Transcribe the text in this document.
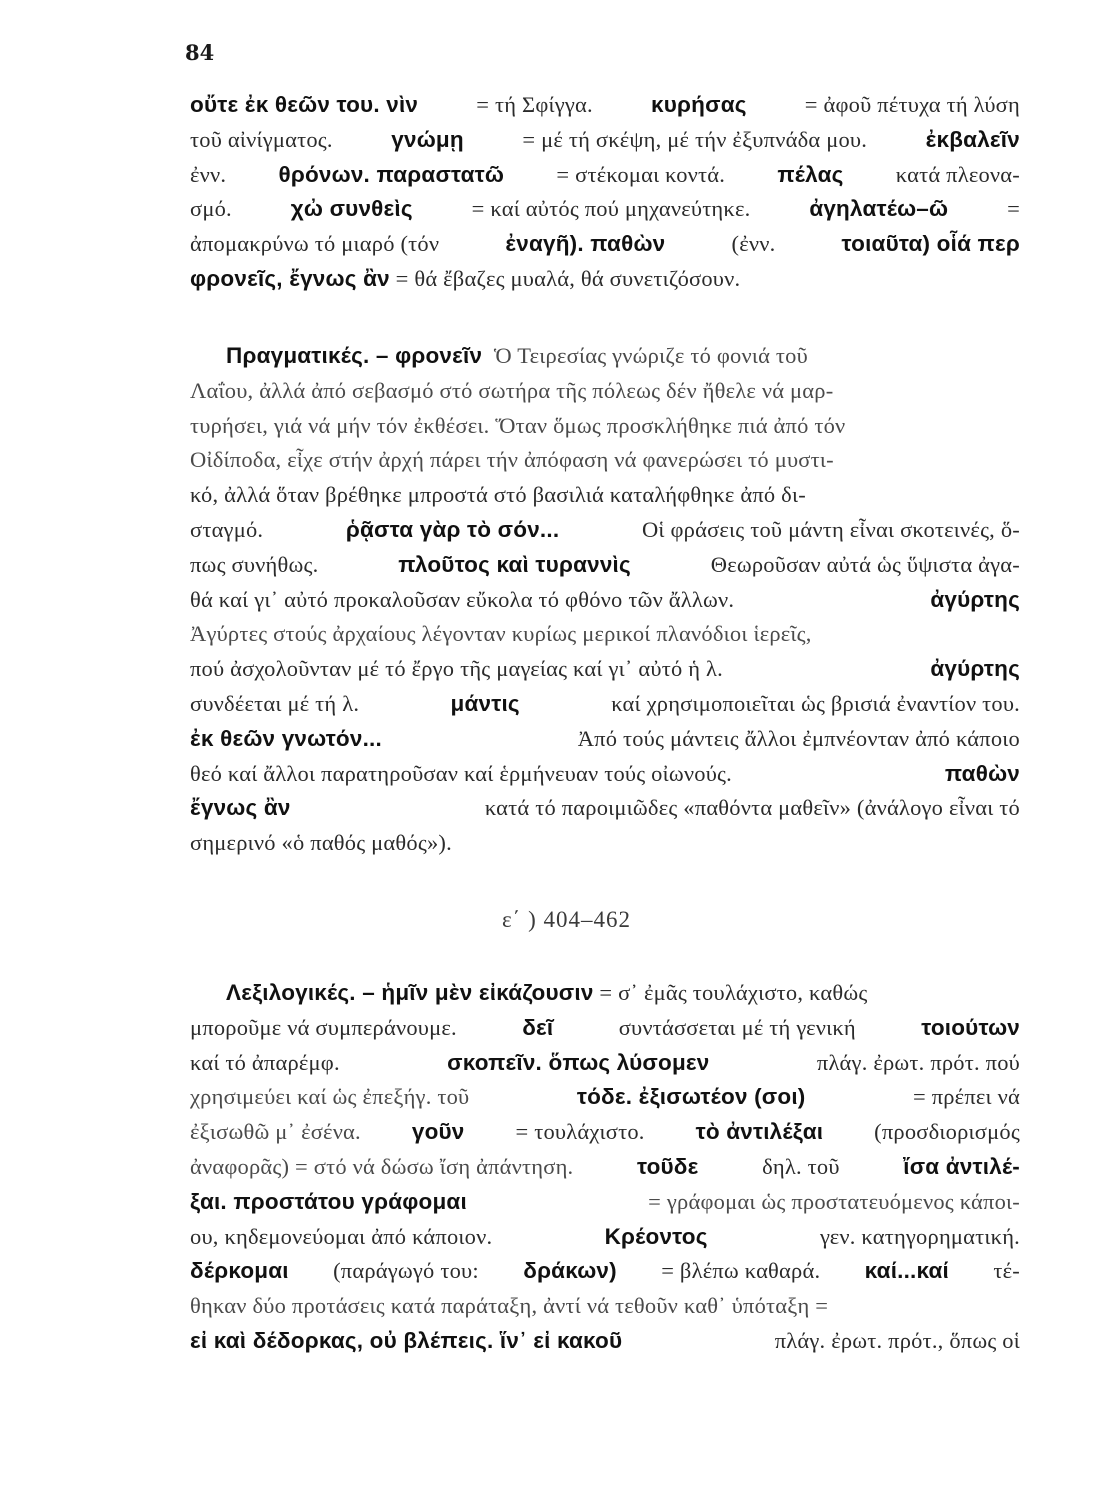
84
οὔτε ἐκ θεῶν του. νὶν	= τή Σφίγγα.	κυρήσας	= ἀφοῦ πέτυχα τή λύση
τοῦ αἰνίγματος.	γνώμῃ	= μέ τή σκέψη, μέ τήν ἐξυπνάδα μου.	ἐκβαλεῖν
ἐνν. θρόνων. παραστατῶ = στέκομαι κοντά. πέλας κατά πλεονα-
σμό.	χὠ συνθεὶς	= καί αὐτός πού μηχανεύτηκε.	ἀγηλατέω–ῶ	=
ἀπομακρύνω τό μιαρό (τόν	ἐναγῆ). παθὼν	(ἐνν.	τοιαῦτα) οἷά περ
φρονεῖς, ἔγνως ἂν
= θά ἔβαζες μυαλά, θά συνετιζόσουν.
Πραγματικές. – φρονεῖν
Ὁ Τειρεσίας γνώριζε τό φονιά τοῦ
Λαΐου, ἀλλά ἀπό σεβασμό στό σωτήρα τῆς πόλεως δέν ἤθελε νά μαρ-
τυρήσει, γιά νά μήν τόν ἐκθέσει. Ὅταν ὅμως προσκλήθηκε πιά ἀπό τόν
Οἰδίποδα, εἶχε στήν ἀρχή πάρει τήν ἀπόφαση νά φανερώσει τό μυστι-
κό, ἀλλά ὅταν βρέθηκε μπροστά στό βασιλιά καταλήφθηκε ἀπό δι-
σταγμό.	ῥᾷστα γὰρ τὸ σόν...	Οἱ φράσεις τοῦ μάντη εἶναι σκοτεινές, ὅ-
πως συνήθως.	πλοῦτος καὶ τυραννὶς	Θεωροῦσαν αὐτά ὡς ὕψιστα ἀγα-
θά καί γι᾽ αὐτό προκαλοῦσαν εὔκολα τό φθόνο τῶν ἄλλων.	ἀγύρτης
Ἀγύρτες στούς ἀρχαίους λέγονταν κυρίως μερικοί πλανόδιοι ἱερεῖς,
πού ἀσχολοῦνταν μέ τό ἔργο τῆς μαγείας καί γι᾽ αὐτό ἡ λ.	ἀγύρτης
συνδέεται μέ τή λ.	μάντις	καί χρησιμοποιεῖται ὡς βρισιά ἐναντίον του.
ἐκ θεῶν γνωτόν...	Ἀπό τούς μάντεις ἄλλοι ἐμπνέονταν ἀπό κάποιο
θεό καί ἄλλοι παρατηροῦσαν καί ἑρμήνευαν τούς οἰωνούς.	παθὼν
ἔγνως ἂν	κατά τό παροιμιῶδες «παθόντα μαθεῖν» (ἀνάλογο εἶναι τό
σημερινό «ὁ παθός μαθός»).
ε΄ ) 404–462
Λεξιλογικές. – ἡμῖν μὲν εἰκάζουσιν
= σ᾽ ἐμᾶς τουλάχιστο, καθώς
μποροῦμε νά συμπεράνουμε.	δεῖ	συντάσσεται μέ τή γενική	τοιούτων
καί τό ἀπαρέμφ.	σκοπεῖν. ὅπως λύσομεν	πλάγ. ἐρωτ. πρότ. πού
χρησιμεύει καί ὡς ἐπεξήγ. τοῦ	τόδε. ἐξισωτέον (σοι)	= πρέπει νά
ἐξισωθῶ μ᾽ ἐσένα. γοῦν = τουλάχιστο. τὸ ἀντιλέξαι (προσδιορισμός
ἀναφορᾶς) = στό νά δώσω ἴση ἀπάντηση.	τοῦδε	δηλ. τοῦ	ἴσα ἀντιλέ-
ξαι. προστάτου γράφομαι	= γράφομαι ὡς προστατευόμενος κάποι-
ου, κηδεμονεύομαι ἀπό κάποιον.	Κρέοντος	γεν. κατηγορηματική.
δέρκομαι (παράγωγό του: δράκων) = βλέπω καθαρά. καί...καί τέ-
θηκαν δύο προτάσεις κατά παράταξη, ἀντί νά τεθοῦν καθ᾽ ὑπόταξη =
εἰ καὶ δέδορκας, οὐ βλέπεις. ἵν᾽ εἰ κακοῦ	πλάγ. ἐρωτ. πρότ., ὅπως οἱ
